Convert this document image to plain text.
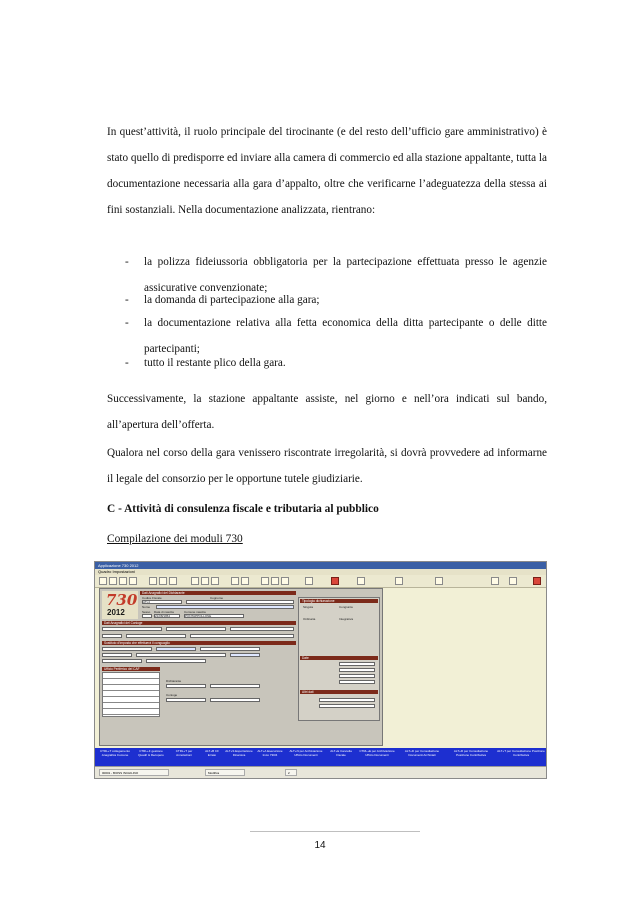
In quest’attività, il ruolo principale del tirocinante (e del resto dell’ufficio gare amministrativo) è stato quello di predisporre ed inviare alla camera di commercio ed alla stazione appaltante, tutta la documentazione necessaria alla gara d’appalto, oltre che verificarne l’adeguatezza della stessa ai fini sostanziali. Nella documentazione analizzata, rientrano:

- la polizza fideiussoria obbligatoria per la partecipazione effettuata presso le agenzie assicurative convenzionate;
- la domanda di partecipazione alla gara;
- la documentazione relativa alla fetta economica della ditta partecipante o delle ditte partecipanti;
- tutto il restante plico della gara.

Successivamente, la stazione appaltante assiste, nel giorno e nell’ora indicati sul bando, all’apertura dell’offerta.

Qualora nel corso della gara venissero riscontrate irregolarità, si dovrà provvedere ad informarne il legale del consorzio per le opportune tutele giudiziarie.

C - Attività di consulenza fiscale e tributaria al pubblico
Compilazione dei moduli 730
Applicazione 730 2012
Quadro Impostazioni
730
2012
Dati Anagrafici del Dichiarante
Codice Fiscale	Cognome
ATL4
Nome
Sesso Data di nascita	Comune nascita
21/08/1954	PONTAPPOLLONE
Dati Anagrafici del Coniuge
Sostituto d'imposta che effettuerà il conguaglio
Ufficio Periferico del CAF
Dichiarante
Coniuge
Tipologia dichiarazione
Singola	Congiunta
Ordinaria	Integrativa
Date
Altri dati
CTRL+T collegamento Anagrafica Comune
CTRL+F gestione Quadri & Recupero
CTRL+T per Annotazioni
ALT+B CF Errato
ALT+S Esportazione Dinamica
ALT+A Esecuzione Invio 730/4
ALT+N per Archiviazione Ufficio Documenti
ALT+E Cancella Fiscale
CTRL+E per Archiviazione Ufficio Documenti
ALT+D per Consultazione Documenti Archiviati
ALT+R per Consultazione Posizione Contributiva
ALT+T per Consultazione Posizione Contributiva
00001 - BIOSS INCHILINO	Modifica	2
14
